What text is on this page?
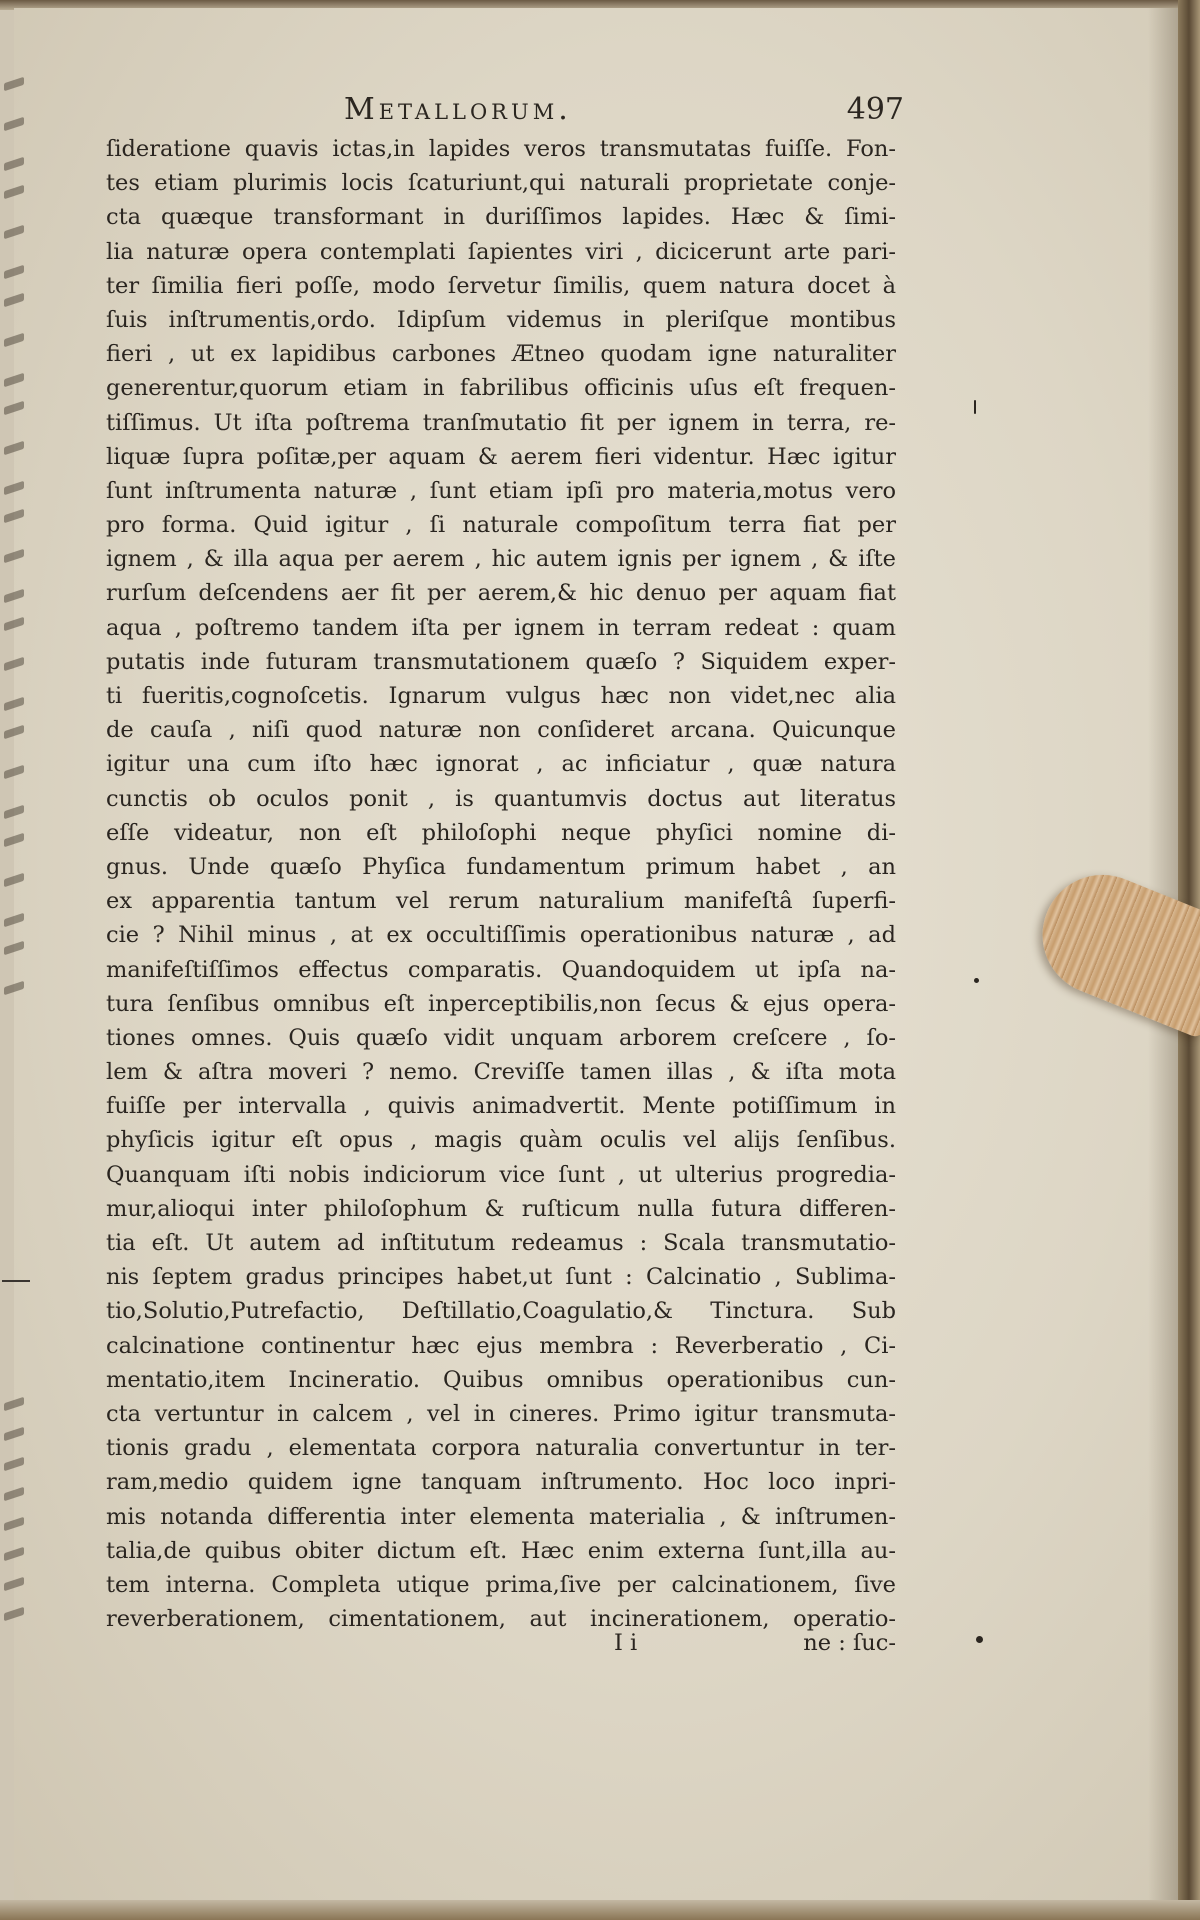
Metallorum.	497
ſideratione quavis ictas,in lapides veros transmutatas fuiſſe. Fon-
tes etiam plurimis locis ſcaturiunt,qui naturali proprietate conje-
cta quæque transformant in duriſſimos lapides. Hæc & ſimi-
lia naturæ opera contemplati ſapientes viri , dicicerunt arte pari-
ter ſimilia fieri poſſe, modo ſervetur ſimilis, quem natura docet à
ſuis inſtrumentis,ordo. Idipſum videmus in pleriſque montibus
fieri , ut ex lapidibus carbones Ætneo quodam igne naturaliter
generentur,quorum etiam in fabrilibus officinis uſus eſt frequen-
tiſſimus. Ut iſta poſtrema tranſmutatio fit per ignem in terra, re-
liquæ ſupra poſitæ,per aquam & aerem fieri videntur. Hæc igitur
ſunt inſtrumenta naturæ , ſunt etiam ipſi pro materia,motus vero
pro forma. Quid igitur , ſi naturale compoſitum terra fiat per
ignem , & illa aqua per aerem , hic autem ignis per ignem , & iſte
rurſum deſcendens aer fit per aerem,& hic denuo per aquam fiat
aqua , poſtremo tandem iſta per ignem in terram redeat : quam
putatis inde futuram transmutationem quæſo ? Siquidem exper-
ti fueritis,cognoſcetis. Ignarum vulgus hæc non videt,nec alia
de cauſa , niſi quod naturæ non conſideret arcana. Quicunque
igitur una cum iſto hæc ignorat , ac inficiatur , quæ natura
cunctis ob oculos ponit , is quantumvis doctus aut literatus
eſſe videatur, non eſt philoſophi neque phyſici nomine di-
gnus. Unde quæſo Phyſica fundamentum primum habet , an
ex apparentia tantum vel rerum naturalium manifeſtâ ſuperfi-
cie ? Nihil minus , at ex occultiſſimis operationibus naturæ , ad
manifeſtiſſimos effectus comparatis. Quandoquidem ut ipſa na-
tura ſenſibus omnibus eſt inperceptibilis,non ſecus & ejus opera-
tiones omnes. Quis quæſo vidit unquam arborem creſcere , ſo-
lem & aſtra moveri ? nemo. Creviſſe tamen illas , & iſta mota
fuiſſe per intervalla , quivis animadvertit. Mente potiſſimum in
phyſicis igitur eſt opus , magis quàm oculis vel alijs ſenſibus.
Quanquam iſti nobis indiciorum vice ſunt , ut ulterius progredia-
mur,alioqui inter philoſophum & ruſticum nulla futura differen-
tia eſt. Ut autem ad inſtitutum redeamus : Scala transmutatio-
nis ſeptem gradus principes habet,ut ſunt : Calcinatio , Sublima-
tio,Solutio,Putrefactio, Deſtillatio,Coagulatio,& Tinctura. Sub
calcinatione continentur hæc ejus membra : Reverberatio , Ci-
mentatio,item Incineratio. Quibus omnibus operationibus cun-
cta vertuntur in calcem , vel in cineres. Primo igitur transmuta-
tionis gradu , elementata corpora naturalia convertuntur in ter-
ram,medio quidem igne tanquam inſtrumento. Hoc loco inpri-
mis notanda differentia inter elementa materialia , & inſtrumen-
talia,de quibus obiter dictum eſt. Hæc enim externa ſunt,illa au-
tem interna. Completa utique prima,ſive per calcinationem, ſive
reverberationem, cimentationem, aut incinerationem, operatio-
I i	ne : ſuc-
